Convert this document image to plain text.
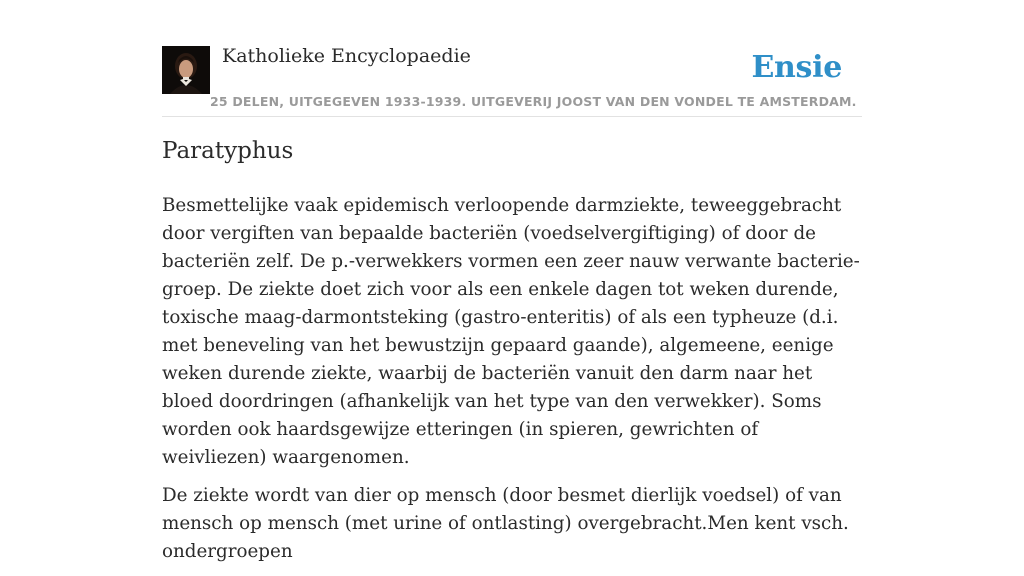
Katholieke Encyclopaedie
25 DELEN, UITGEGEVEN 1933-1939. UITGEVERIJ JOOST VAN DEN VONDEL TE AMSTERDAM.
Ensie
Paratyphus

Besmettelijke vaak epidemisch verloopende darmziekte, teweeggebracht door vergiften van bepaalde bacteriën (voedselvergiftiging) of door de bacteriën zelf. De p.-verwekkers vormen een zeer nauw verwante bacterie-groep. De ziekte doet zich voor als een enkele dagen tot weken durende, toxische maag-darmontsteking (gastro-enteritis) of als een typheuze (d.i. met beneveling van het bewustzijn gepaard gaande), algemeene, eenige weken durende ziekte, waarbij de bacteriën vanuit den darm naar het bloed doordringen (afhankelijk van het type van den verwekker). Soms worden ook haardsgewijze etteringen (in spieren, gewrichten of weivliezen) waargenomen.

De ziekte wordt van dier op mensch (door besmet dierlijk voedsel) of van mensch op mensch (met urine of ontlasting) overgebracht.Men kent vsch. ondergroepen
